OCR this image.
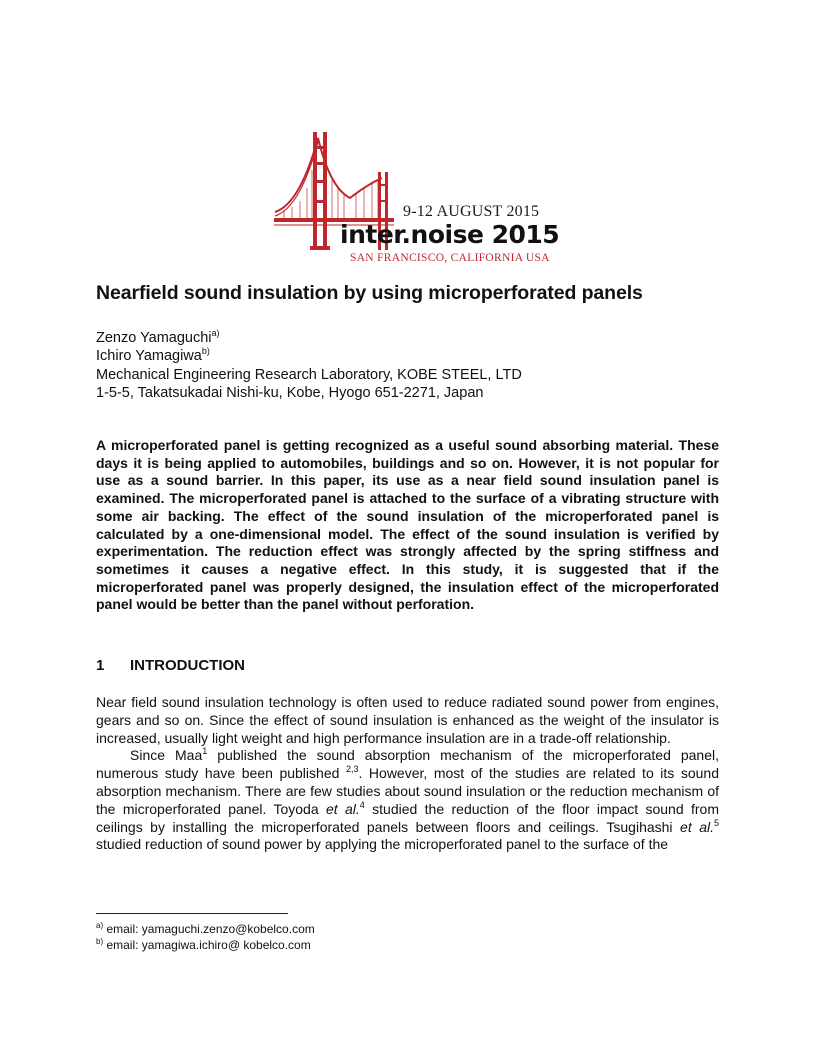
9-12 AUGUST 2015
inter.noise 2015
SAN FRANCISCO, CALIFORNIA USA
Nearfield sound insulation by using microperforated panels
Zenzo Yamaguchi$^{a)}$
Ichiro Yamagiwa$^{b)}$
Mechanical Engineering Research Laboratory, KOBE STEEL, LTD
1-5-5, Takatsukadai Nishi-ku, Kobe, Hyogo 651-2271, Japan

A microperforated panel is getting recognized as a useful sound absorbing material. These days it is being applied to automobiles, buildings and so on. However, it is not popular for use as a sound barrier. In this paper, its use as a near field sound insulation panel is examined. The microperforated panel is attached to the surface of a vibrating structure with some air backing. The effect of the sound insulation of the microperforated panel is calculated by a one-dimensional model. The effect of the sound insulation is verified by experimentation. The reduction effect was strongly affected by the spring stiffness and sometimes it causes a negative effect. In this study, it is suggested that if the microperforated panel was properly designed, the insulation effect of the microperforated panel would be better than the panel without perforation.

1 INTRODUCTION

Near field sound insulation technology is often used to reduce radiated sound power from engines, gears and so on. Since the effect of sound insulation is enhanced as the weight of the insulator is increased, usually light weight and high performance insulation are in a trade-off relationship.

Since Maa$^1$ published the sound absorption mechanism of the microperforated panel, numerous study have been published $^{2,3}$. However, most of the studies are related to its sound absorption mechanism. There are few studies about sound insulation or the reduction mechanism of the microperforated panel. Toyoda et al.$^4$ studied the reduction of the floor impact sound from ceilings by installing the microperforated panels between floors and ceilings. Tsugihashi et al.$^5$ studied reduction of sound power by applying the microperforated panel to the surface of the

$^{a)}$ email: yamaguchi.zenzo@kobelco.com
$^{b)}$ email: yamagiwa.ichiro@ kobelco.com
